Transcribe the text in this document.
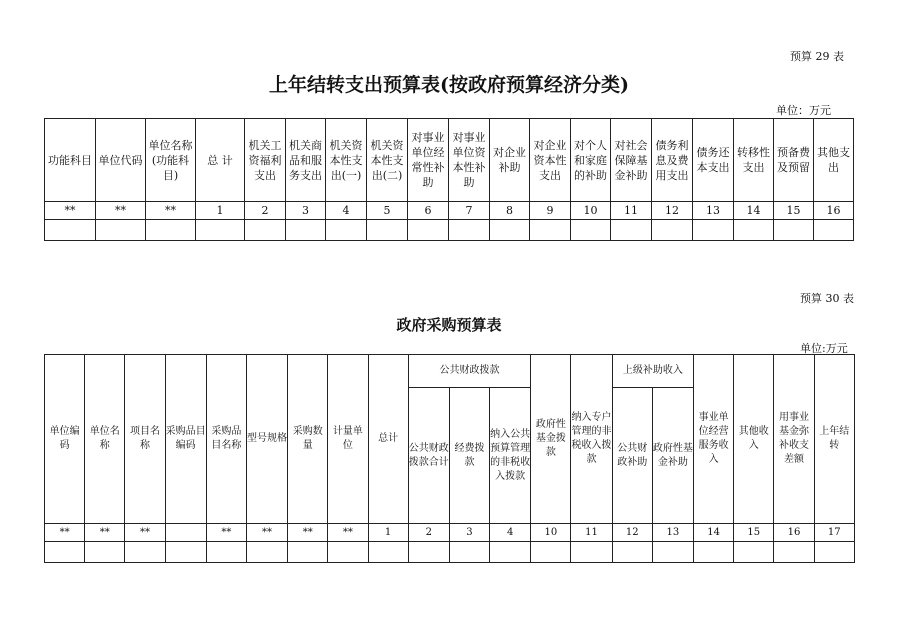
预算 29 表
上年结转支出预算表(按政府预算经济分类)
单位：万元
功能科目	单位代码	单位名称(功能科目)	总 计	机关工资福利支出	机关商品和服务支出	机关资本性支出(一)	机关资本性支出(二)	对事业单位经常性补助	对事业单位资本性补助	对企业补助	对企业资本性支出	对个人和家庭的补助	对社会保障基金补助	债务利息及费用支出	债务还本支出	转移性支出	预备费及预留	其他支出
**	**	**	1	2	3	4	5	6	7	8	9	10	11	12	13	14	15	16

预算 30 表
政府采购预算表
单位:万元
单位编码	单位名称	项目名称	采购品目编码	采购品目名称	型号规格	采购数量	计量单位	总计	公共财政拨款			政府性基金拨款	纳入专户管理的非税收入拨款	上级补助收入		事业单位经营服务收入	其他收入	用事业基金弥补收支差额	上年结转
									公共财政拨款合计	经费拨款	纳入公共预算管理的非税收入拨款			公共财政补助	政府性基金补助				
**	**	**		**	**	**	**	1	2	3	4	10	11	12	13	14	15	16	17
